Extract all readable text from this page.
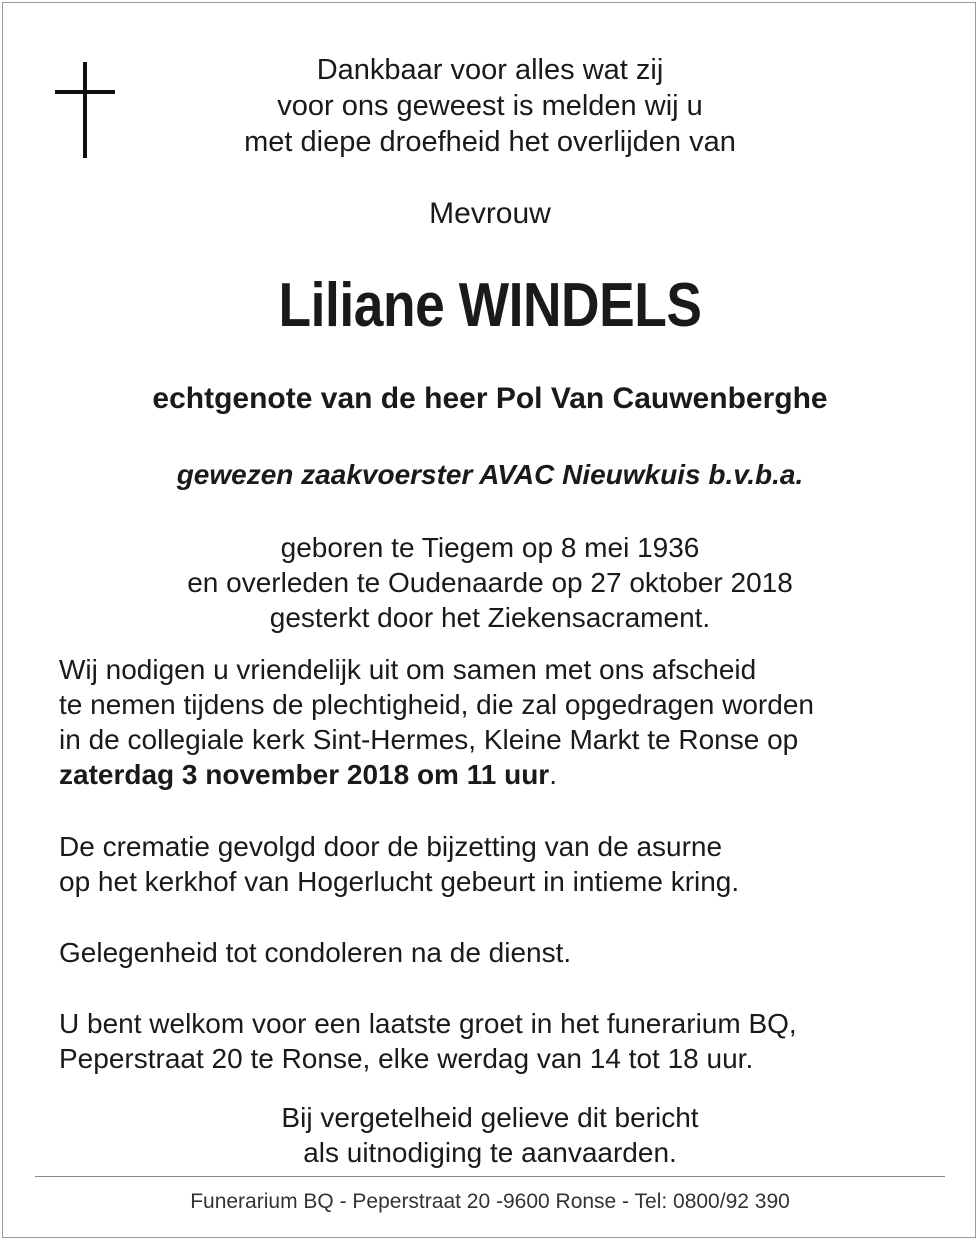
Dankbaar voor alles wat zij

voor ons geweest is melden wij u

met diepe droefheid het overlijden van

Mevrouw
Liliane WINDELS
echtgenote van de heer Pol Van Cauwenberghe
gewezen zaakvoerster AVAC Nieuwkuis b.v.b.a.

geboren te Tiegem op 8 mei 1936

en overleden te Oudenaarde op 27 oktober 2018

gesterkt door het Ziekensacrament.

Wij nodigen u vriendelijk uit om samen met ons afscheid

te nemen tijdens de plechtigheid, die zal opgedragen worden

in de collegiale kerk Sint-Hermes, Kleine Markt te Ronse op

zaterdag 3 november 2018 om 11 uur.

De crematie gevolgd door de bijzetting van de asurne

op het kerkhof van Hogerlucht gebeurt in intieme kring.

Gelegenheid tot condoleren na de dienst.

U bent welkom voor een laatste groet in het funerarium BQ,

Peperstraat 20 te Ronse, elke werdag van 14 tot 18 uur.

Bij vergetelheid gelieve dit bericht

als uitnodiging te aanvaarden.

Funerarium BQ - Peperstraat 20 -9600 Ronse - Tel: 0800/92 390
